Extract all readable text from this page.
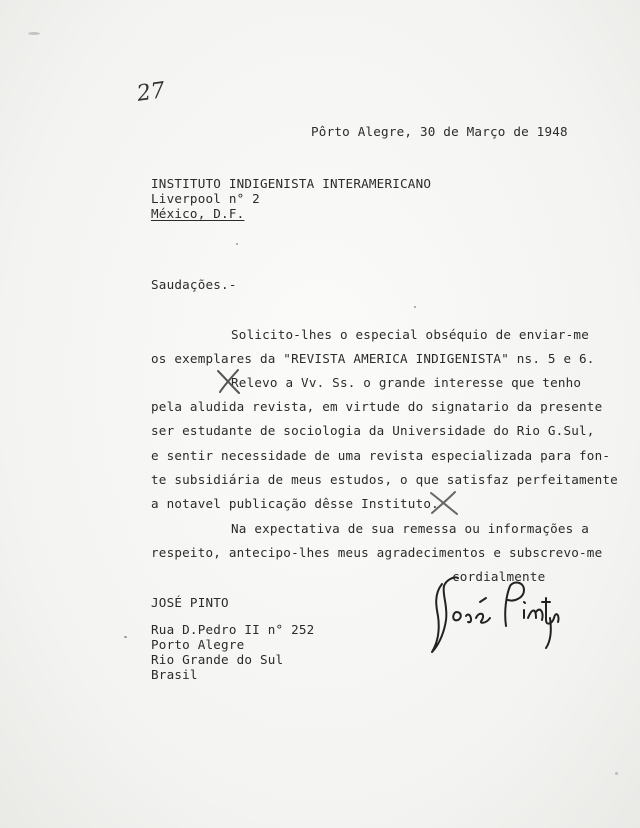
27
Pôrto Alegre, 30 de Março de 1948
INSTITUTO INDIGENISTA INTERAMERICANO
Liverpool n° 2
México, D.F.
Saudações.-
Solicito-lhes o especial obséquio de enviar-me
os exemplares da "REVISTA AMERICA INDIGENISTA" ns. 5 e 6.
Relevo a Vv. Ss. o grande interesse que tenho
pela aludida revista, em virtude do signatario da presente
ser estudante de sociologia da Universidade do Rio G.Sul,
e sentir necessidade de uma revista especializada para fon-
te subsidiária de meus estudos, o que satisfaz perfeitamente
a notavel publicação dêsse Instituto.
Na expectativa de sua remessa ou informações a
respeito, antecipo-lhes meus agradecimentos e subscrevo-me
cordialmente
JOSÉ PINTO
Rua D.Pedro II n° 252
Porto Alegre
Rio Grande do Sul
Brasil
